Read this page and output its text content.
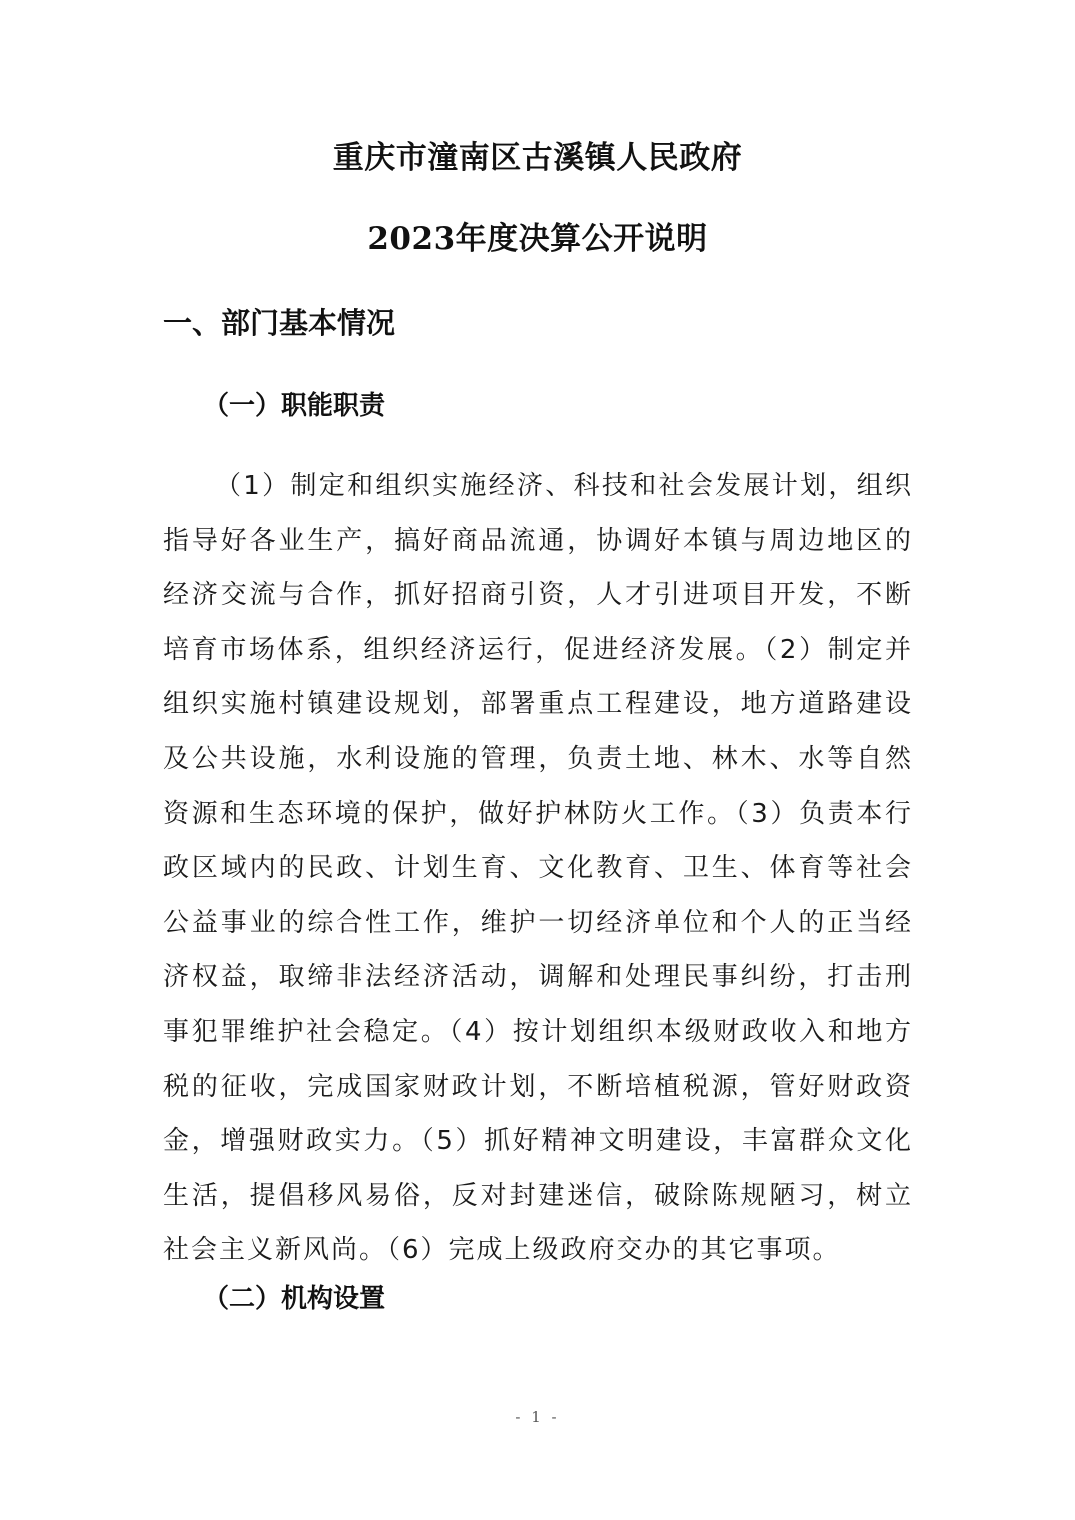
重庆市潼南区古溪镇人民政府
2023年度决算公开说明
一、部门基本情况
（一）职能职责

（1）制定和组织实施经济、科技和社会发展计划，组织指导好各业生产，搞好商品流通，协调好本镇与周边地区的经济交流与合作，抓好招商引资，人才引进项目开发，不断培育市场体系，组织经济运行，促进经济发展。（2）制定并组织实施村镇建设规划，部署重点工程建设，地方道路建设及公共设施，水利设施的管理，负责土地、林木、水等自然资源和生态环境的保护，做好护林防火工作。（3）负责本行政区域内的民政、计划生育、文化教育、卫生、体育等社会公益事业的综合性工作，维护一切经济单位和个人的正当经济权益，取缔非法经济活动，调解和处理民事纠纷，打击刑事犯罪维护社会稳定。（4）按计划组织本级财政收入和地方税的征收，完成国家财政计划，不断培植税源，管好财政资金，增强财政实力。（5）抓好精神文明建设，丰富群众文化生活，提倡移风易俗，反对封建迷信，破除陈规陋习，树立社会主义新风尚。（6）完成上级政府交办的其它事项。

（二）机构设置
- 1 -
